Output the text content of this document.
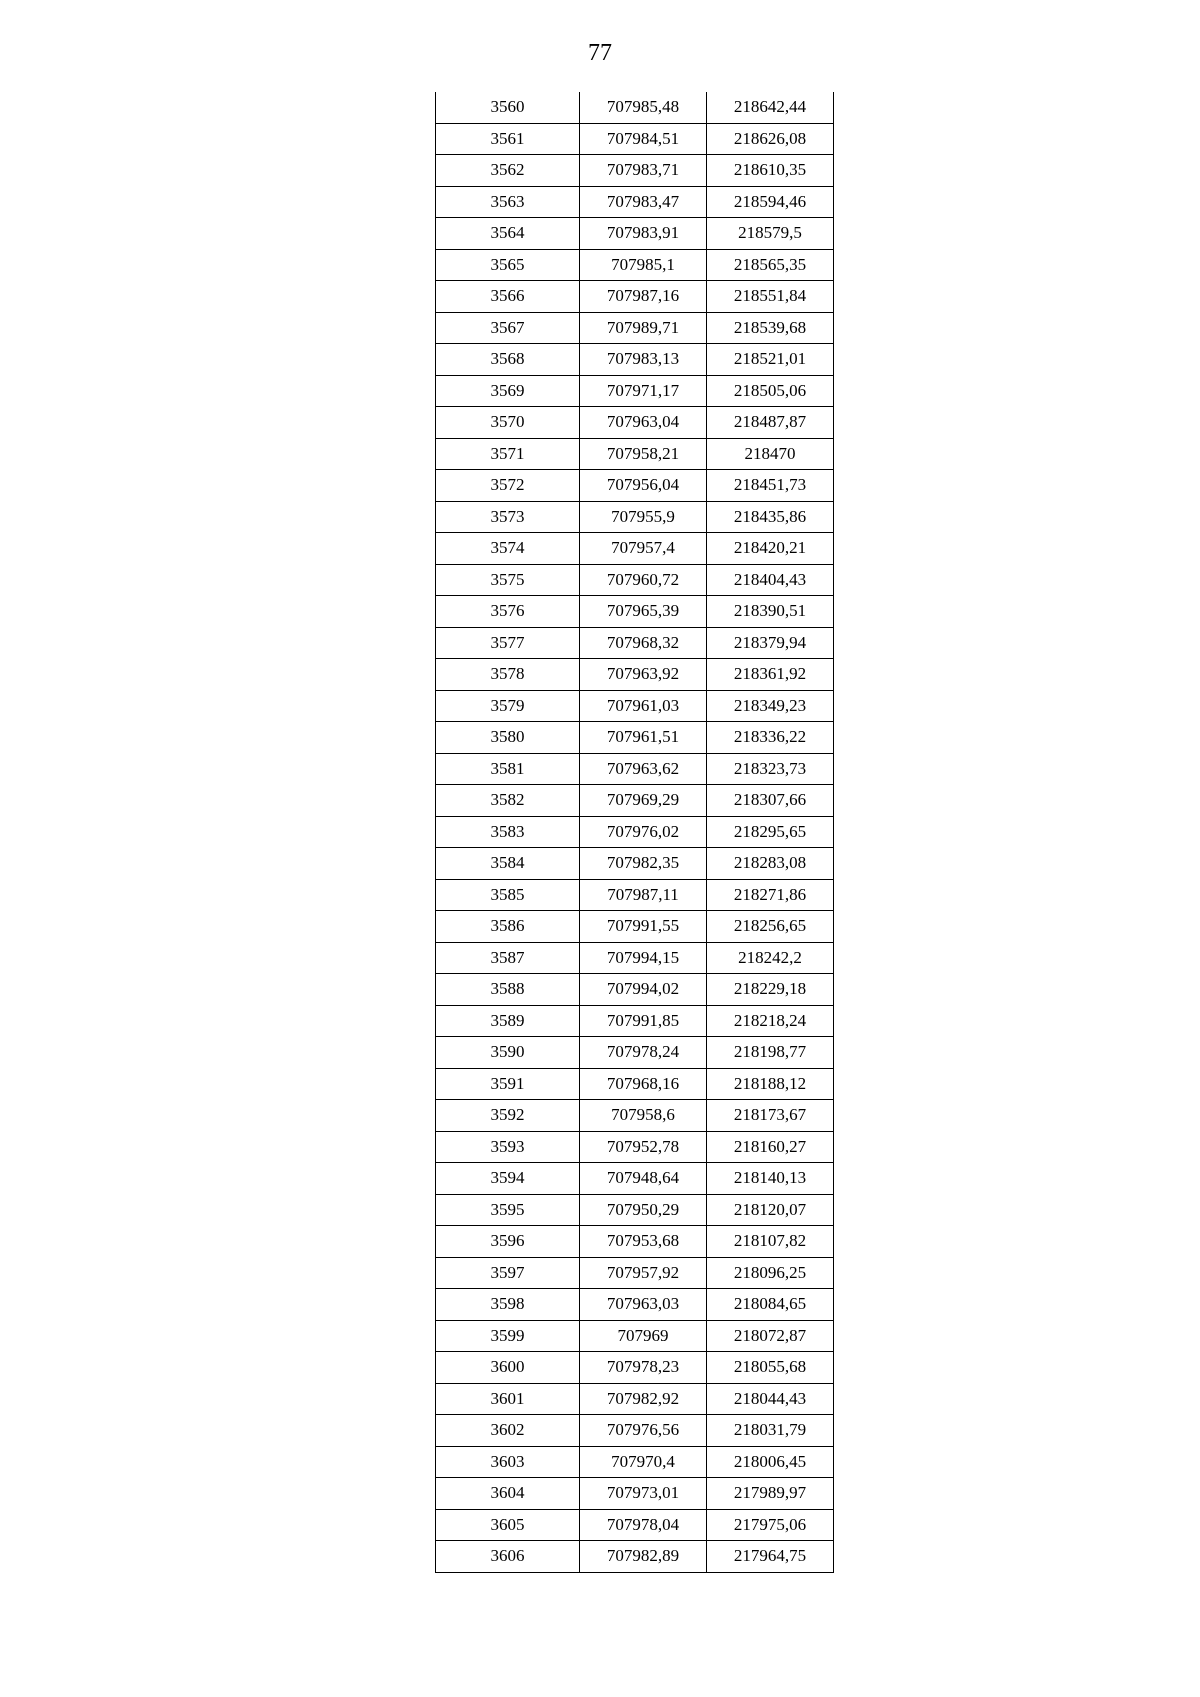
77
3560	707985,48	218642,44
3561	707984,51	218626,08
3562	707983,71	218610,35
3563	707983,47	218594,46
3564	707983,91	218579,5
3565	707985,1	218565,35
3566	707987,16	218551,84
3567	707989,71	218539,68
3568	707983,13	218521,01
3569	707971,17	218505,06
3570	707963,04	218487,87
3571	707958,21	218470
3572	707956,04	218451,73
3573	707955,9	218435,86
3574	707957,4	218420,21
3575	707960,72	218404,43
3576	707965,39	218390,51
3577	707968,32	218379,94
3578	707963,92	218361,92
3579	707961,03	218349,23
3580	707961,51	218336,22
3581	707963,62	218323,73
3582	707969,29	218307,66
3583	707976,02	218295,65
3584	707982,35	218283,08
3585	707987,11	218271,86
3586	707991,55	218256,65
3587	707994,15	218242,2
3588	707994,02	218229,18
3589	707991,85	218218,24
3590	707978,24	218198,77
3591	707968,16	218188,12
3592	707958,6	218173,67
3593	707952,78	218160,27
3594	707948,64	218140,13
3595	707950,29	218120,07
3596	707953,68	218107,82
3597	707957,92	218096,25
3598	707963,03	218084,65
3599	707969	218072,87
3600	707978,23	218055,68
3601	707982,92	218044,43
3602	707976,56	218031,79
3603	707970,4	218006,45
3604	707973,01	217989,97
3605	707978,04	217975,06
3606	707982,89	217964,75
